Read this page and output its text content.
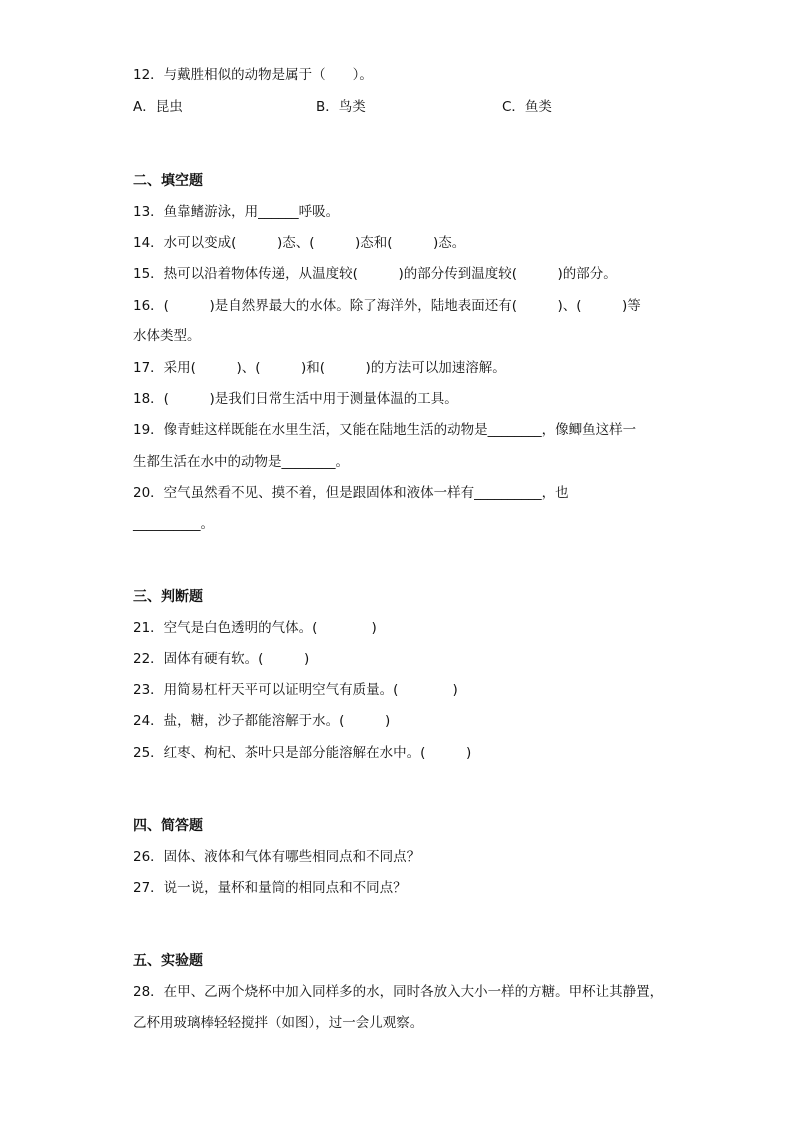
12．与戴胜相似的动物是属于（　　）。
A．昆虫	B．鸟类	C．鱼类
二、填空题
13．鱼靠鳍游泳，用______呼吸。
14．水可以变成(　　　)态、(　　　)态和(　　　)态。
15．热可以沿着物体传递，从温度较(　　　)的部分传到温度较(　　　)的部分。
16．(　　　)是自然界最大的水体。除了海洋外，陆地表面还有(　　　)、(　　　)等
水体类型。
17．采用(　　　)、(　　　)和(　　　)的方法可以加速溶解。
18．(　　　)是我们日常生活中用于测量体温的工具。
19．像青蛙这样既能在水里生活，又能在陆地生活的动物是________，像鲫鱼这样一
生都生活在水中的动物是________。
20．空气虽然看不见、摸不着，但是跟固体和液体一样有__________，也
__________。
三、判断题
21．空气是白色透明的气体。(　　　　)
22．固体有硬有软。(　　　)
23．用简易杠杆天平可以证明空气有质量。(　　　　)
24．盐，糖，沙子都能溶解于水。(　　　)
25．红枣、枸杞、茶叶只是部分能溶解在水中。(　　　)
四、简答题
26．固体、液体和气体有哪些相同点和不同点？
27．说一说，量杯和量筒的相同点和不同点？
五、实验题
28．在甲、乙两个烧杯中加入同样多的水，同时各放入大小一样的方糖。甲杯让其静置，
乙杯用玻璃棒轻轻搅拌（如图），过一会儿观察。
